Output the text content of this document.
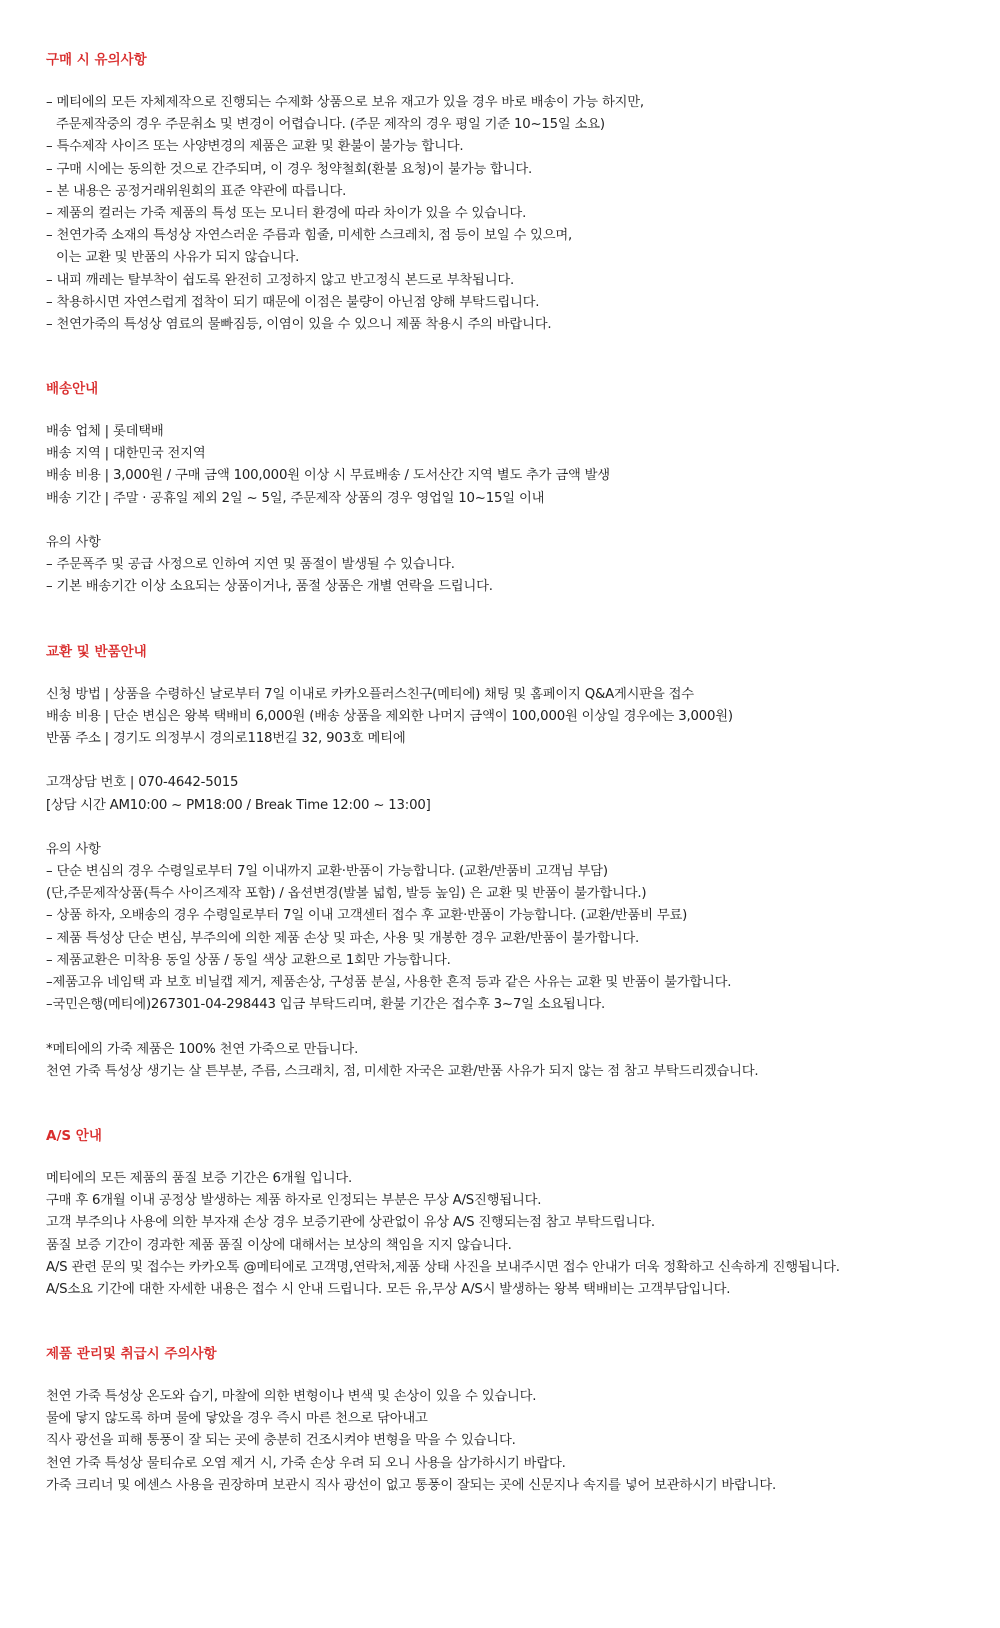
구매 시 유의사항
– 메티에의 모든 자체제작으로 진행되는 수제화 상품으로 보유 재고가 있을 경우 바로 배송이 가능 하지만,
주문제작중의 경우 주문취소 및 변경이 어렵습니다. (주문 제작의 경우 평일 기준 10~15일 소요)
– 특수제작 사이즈 또는 사양변경의 제품은 교환 및 환불이 불가능 합니다.
– 구매 시에는 동의한 것으로 간주되며, 이 경우 청약철회(환불 요청)이 불가능 합니다.
– 본 내용은 공정거래위원회의 표준 약관에 따릅니다.
– 제품의 컬러는 가죽 제품의 특성 또는 모니터 환경에 따라 차이가 있을 수 있습니다.
– 천연가죽 소재의 특성상 자연스러운 주름과 힘줄, 미세한 스크레치, 점 등이 보일 수 있으며,
이는 교환 및 반품의 사유가 되지 않습니다.
– 내피 깨레는 탈부착이 쉽도록 완전히 고정하지 않고 반고정식 본드로 부착됩니다.
– 착용하시면 자연스럽게 접착이 되기 때문에 이점은 불량이 아닌점 양해 부탁드립니다.
– 천연가죽의 특성상 염료의 물빠짐등, 이염이 있을 수 있으니 제품 착용시 주의 바랍니다.
배송안내
배송 업체 | 롯데택배
배송 지역 | 대한민국 전지역
배송 비용 | 3,000원 / 구매 금액 100,000원 이상 시 무료배송 / 도서산간 지역 별도 추가 금액 발생
배송 기간 | 주말 · 공휴일 제외 2일 ~ 5일, 주문제작 상품의 경우 영업일 10~15일 이내
유의 사항
– 주문폭주 및 공급 사정으로 인하여 지연 및 품절이 발생될 수 있습니다.
– 기본 배송기간 이상 소요되는 상품이거나, 품절 상품은 개별 연락을 드립니다.
교환 및 반품안내
신청 방법 | 상품을 수령하신 날로부터 7일 이내로 카카오플러스친구(메티에) 채팅 및 홈페이지 Q&A게시판을 접수
배송 비용 | 단순 변심은 왕복 택배비 6,000원 (배송 상품을 제외한 나머지 금액이 100,000원 이상일 경우에는 3,000원)
반품 주소 | 경기도 의정부시 경의로118번길 32, 903호 메티에
고객상담 번호 | 070-4642-5015
[상담 시간 AM10:00 ~ PM18:00 / Break Time 12:00 ~ 13:00]
유의 사항
– 단순 변심의 경우 수령일로부터 7일 이내까지 교환·반품이 가능합니다. (교환/반품비 고객님 부담)
(단,주문제작상품(특수 사이즈제작 포함) / 옵션변경(발볼 넓힘, 발등 높임) 은 교환 및 반품이 불가합니다.)
– 상품 하자, 오배송의 경우 수령일로부터 7일 이내 고객센터 접수 후 교환·반품이 가능합니다. (교환/반품비 무료)
– 제품 특성상 단순 변심, 부주의에 의한 제품 손상 및 파손, 사용 및 개봉한 경우 교환/반품이 불가합니다.
– 제품교환은 미착용 동일 상품 / 동일 색상 교환으로 1회만 가능합니다.
–제품고유 네임택 과 보호 비닐캡 제거, 제품손상, 구성품 분실, 사용한 흔적 등과 같은 사유는 교환 및 반품이 불가합니다.
–국민은행(메티에)267301-04-298443 입금 부탁드리며, 환불 기간은 접수후 3~7일 소요됩니다.
*메티에의 가죽 제품은 100% 천연 가죽으로 만듭니다.
천연 가죽 특성상 생기는 살 튼부분, 주름, 스크래치, 점, 미세한 자국은 교환/반품 사유가 되지 않는 점 참고 부탁드리겠습니다.
A/S 안내
메티에의 모든 제품의 품질 보증 기간은 6개월 입니다.
구매 후 6개월 이내 공정상 발생하는 제품 하자로 인정되는 부분은 무상 A/S진행됩니다.
고객 부주의나 사용에 의한 부자재 손상 경우 보증기관에 상관없이 유상 A/S 진행되는점 참고 부탁드립니다.
품질 보증 기간이 경과한 제품 품질 이상에 대해서는 보상의 책임을 지지 않습니다.
A/S 관련 문의 및 접수는 카카오톡 @메티에로 고객명,연락처,제품 상태 사진을 보내주시면 접수 안내가 더욱 정확하고 신속하게 진행됩니다.
A/S소요 기간에 대한 자세한 내용은 접수 시 안내 드립니다. 모든 유,무상 A/S시 발생하는 왕복 택배비는 고객부담입니다.
제품 관리및 취급시 주의사항
천연 가죽 특성상 온도와 습기, 마찰에 의한 변형이나 변색 및 손상이 있을 수 있습니다.
물에 닿지 않도록 하며 물에 닿았을 경우 즉시 마른 천으로 닦아내고
직사 광선을 피해 통풍이 잘 되는 곳에 충분히 건조시켜야 변형을 막을 수 있습니다.
천연 가죽 특성상 물티슈로 오염 제거 시, 가죽 손상 우려 되 오니 사용을 삼가하시기 바랍다.
가죽 크리너 및 에센스 사용을 권장하며 보관시 직사 광선이 없고 통풍이 잘되는 곳에 신문지나 속지를 넣어 보관하시기 바랍니다.
